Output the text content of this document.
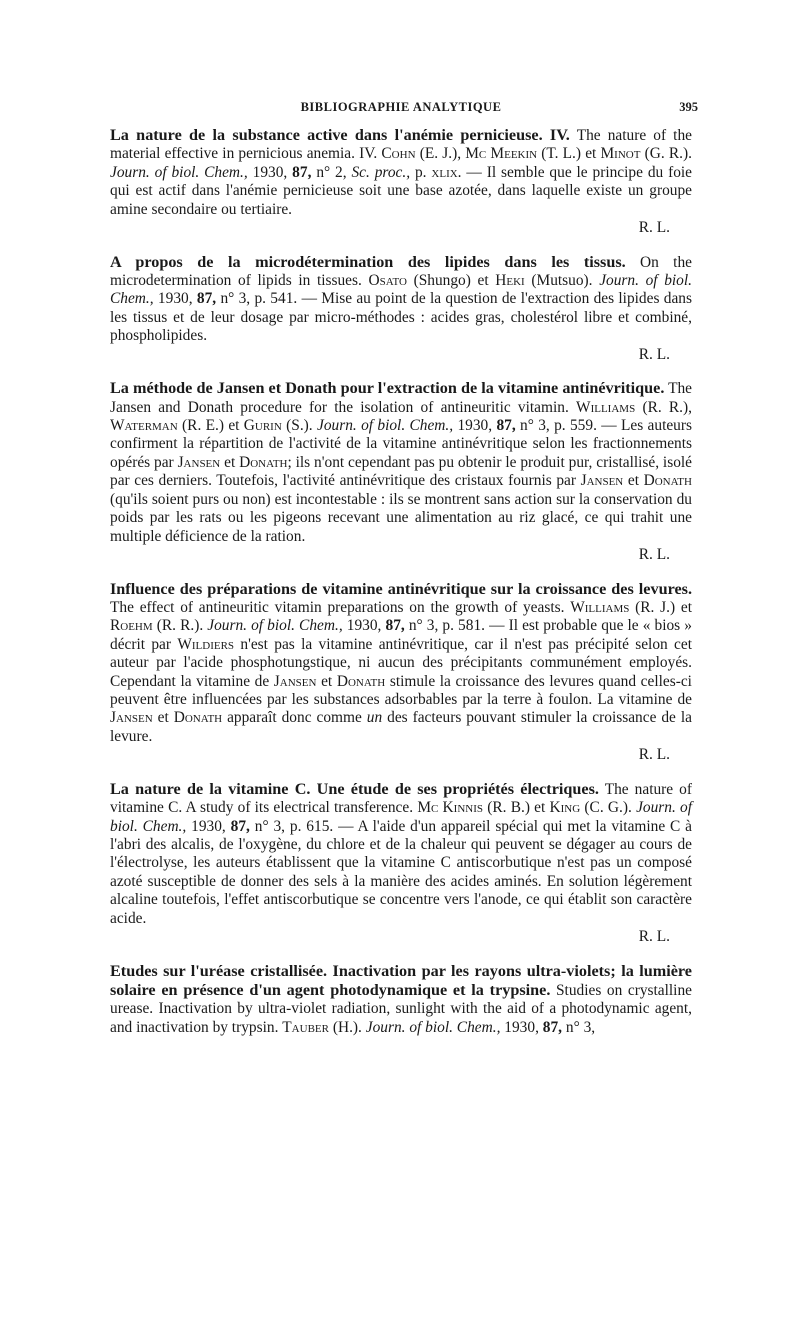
BIBLIOGRAPHIE ANALYTIQUE	395

La nature de la substance active dans l'anémie pernicieuse. IV. The nature of the material effective in pernicious anemia. IV. Cohn (E. J.), Mc Meekin (T. L.) et Minot (G. R.). Journ. of biol. Chem., 1930, 87, n° 2, Sc. proc., p. xlix. — Il semble que le principe du foie qui est actif dans l'anémie pernicieuse soit une base azotée, dans laquelle existe un groupe amine secondaire ou tertiaire.
R. L.

A propos de la microdétermination des lipides dans les tissus. On the microdetermination of lipids in tissues. Osato (Shungo) et Heki (Mutsuo). Journ. of biol. Chem., 1930, 87, n° 3, p. 541. — Mise au point de la question de l'extraction des lipides dans les tissus et de leur dosage par micro-méthodes : acides gras, cholestérol libre et combiné, phospholipides.
R. L.

La méthode de Jansen et Donath pour l'extraction de la vitamine antinévritique. The Jansen and Donath procedure for the isolation of antineuritic vitamin. Williams (R. R.), Waterman (R. E.) et Gurin (S.). Journ. of biol. Chem., 1930, 87, n° 3, p. 559. — Les auteurs confirment la répartition de l'activité de la vitamine antinévritique selon les fractionnements opérés par Jansen et Donath; ils n'ont cependant pas pu obtenir le produit pur, cristallisé, isolé par ces derniers. Toutefois, l'activité antinévritique des cristaux fournis par Jansen et Donath (qu'ils soient purs ou non) est incontestable : ils se montrent sans action sur la conservation du poids par les rats ou les pigeons recevant une alimentation au riz glacé, ce qui trahit une multiple déficience de la ration.
R. L.

Influence des préparations de vitamine antinévritique sur la croissance des levures. The effect of antineuritic vitamin preparations on the growth of yeasts. Williams (R. J.) et Roehm (R. R.). Journ. of biol. Chem., 1930, 87, n° 3, p. 581. — Il est probable que le « bios » décrit par Wildiers n'est pas la vitamine antinévritique, car il n'est pas précipité selon cet auteur par l'acide phosphotungstique, ni aucun des précipitants communément employés. Cependant la vitamine de Jansen et Donath stimule la croissance des levures quand celles-ci peuvent être influencées par les substances adsorbables par la terre à foulon. La vitamine de Jansen et Donath apparaît donc comme un des facteurs pouvant stimuler la croissance de la levure.
R. L.

La nature de la vitamine C. Une étude de ses propriétés électriques. The nature of vitamine C. A study of its electrical transference. Mc Kinnis (R. B.) et King (C. G.). Journ. of biol. Chem., 1930, 87, n° 3, p. 615. — A l'aide d'un appareil spécial qui met la vitamine C à l'abri des alcalis, de l'oxygène, du chlore et de la chaleur qui peuvent se dégager au cours de l'électrolyse, les auteurs établissent que la vitamine C antiscorbutique n'est pas un composé azoté susceptible de donner des sels à la manière des acides aminés. En solution légèrement alcaline toutefois, l'effet antiscorbutique se concentre vers l'anode, ce qui établit son caractère acide.
R. L.

Etudes sur l'uréase cristallisée. Inactivation par les rayons ultra-violets; la lumière solaire en présence d'un agent photodynamique et la trypsine. Studies on crystalline urease. Inactivation by ultra-violet radiation, sunlight with the aid of a photodynamic agent, and inactivation by trypsin. Tauber (H.). Journ. of biol. Chem., 1930, 87, n° 3,
